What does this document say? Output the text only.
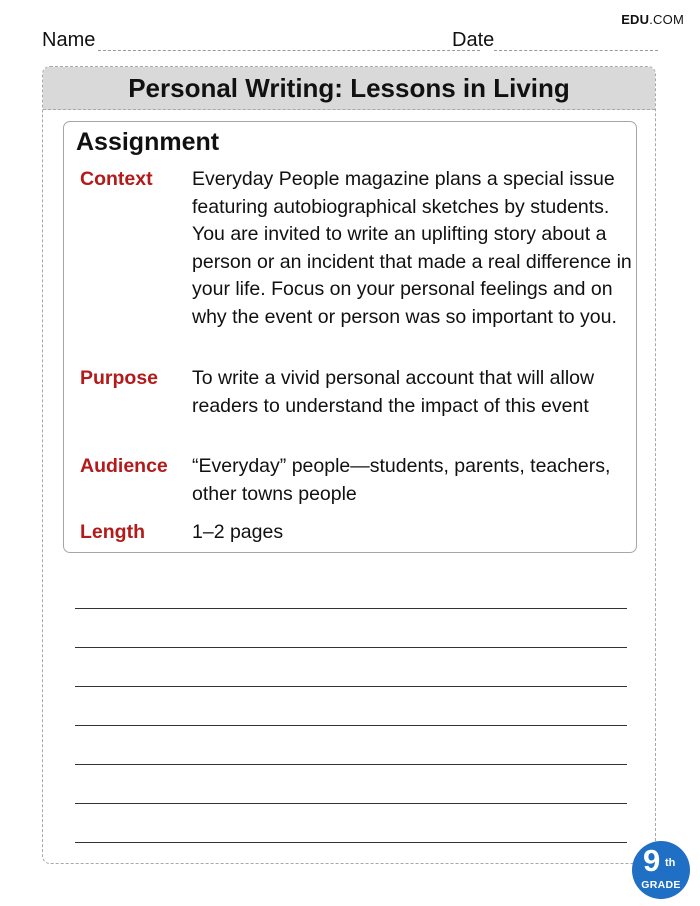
EDU.COM
Name	Date
Personal Writing: Lessons in Living
Assignment
Context Everyday People magazine plans a special issue featuring autobiographical sketches by students. You are invited to write an uplifting story about a person or an incident that made a real difference in your life. Focus on your personal feelings and on why the event or person was so important to you.
Purpose To write a vivid personal account that will allow readers to understand the impact of this event
Audience “Everyday” people—students, parents, teachers, other towns people
Length 1–2 pages
9 th
GRADE
